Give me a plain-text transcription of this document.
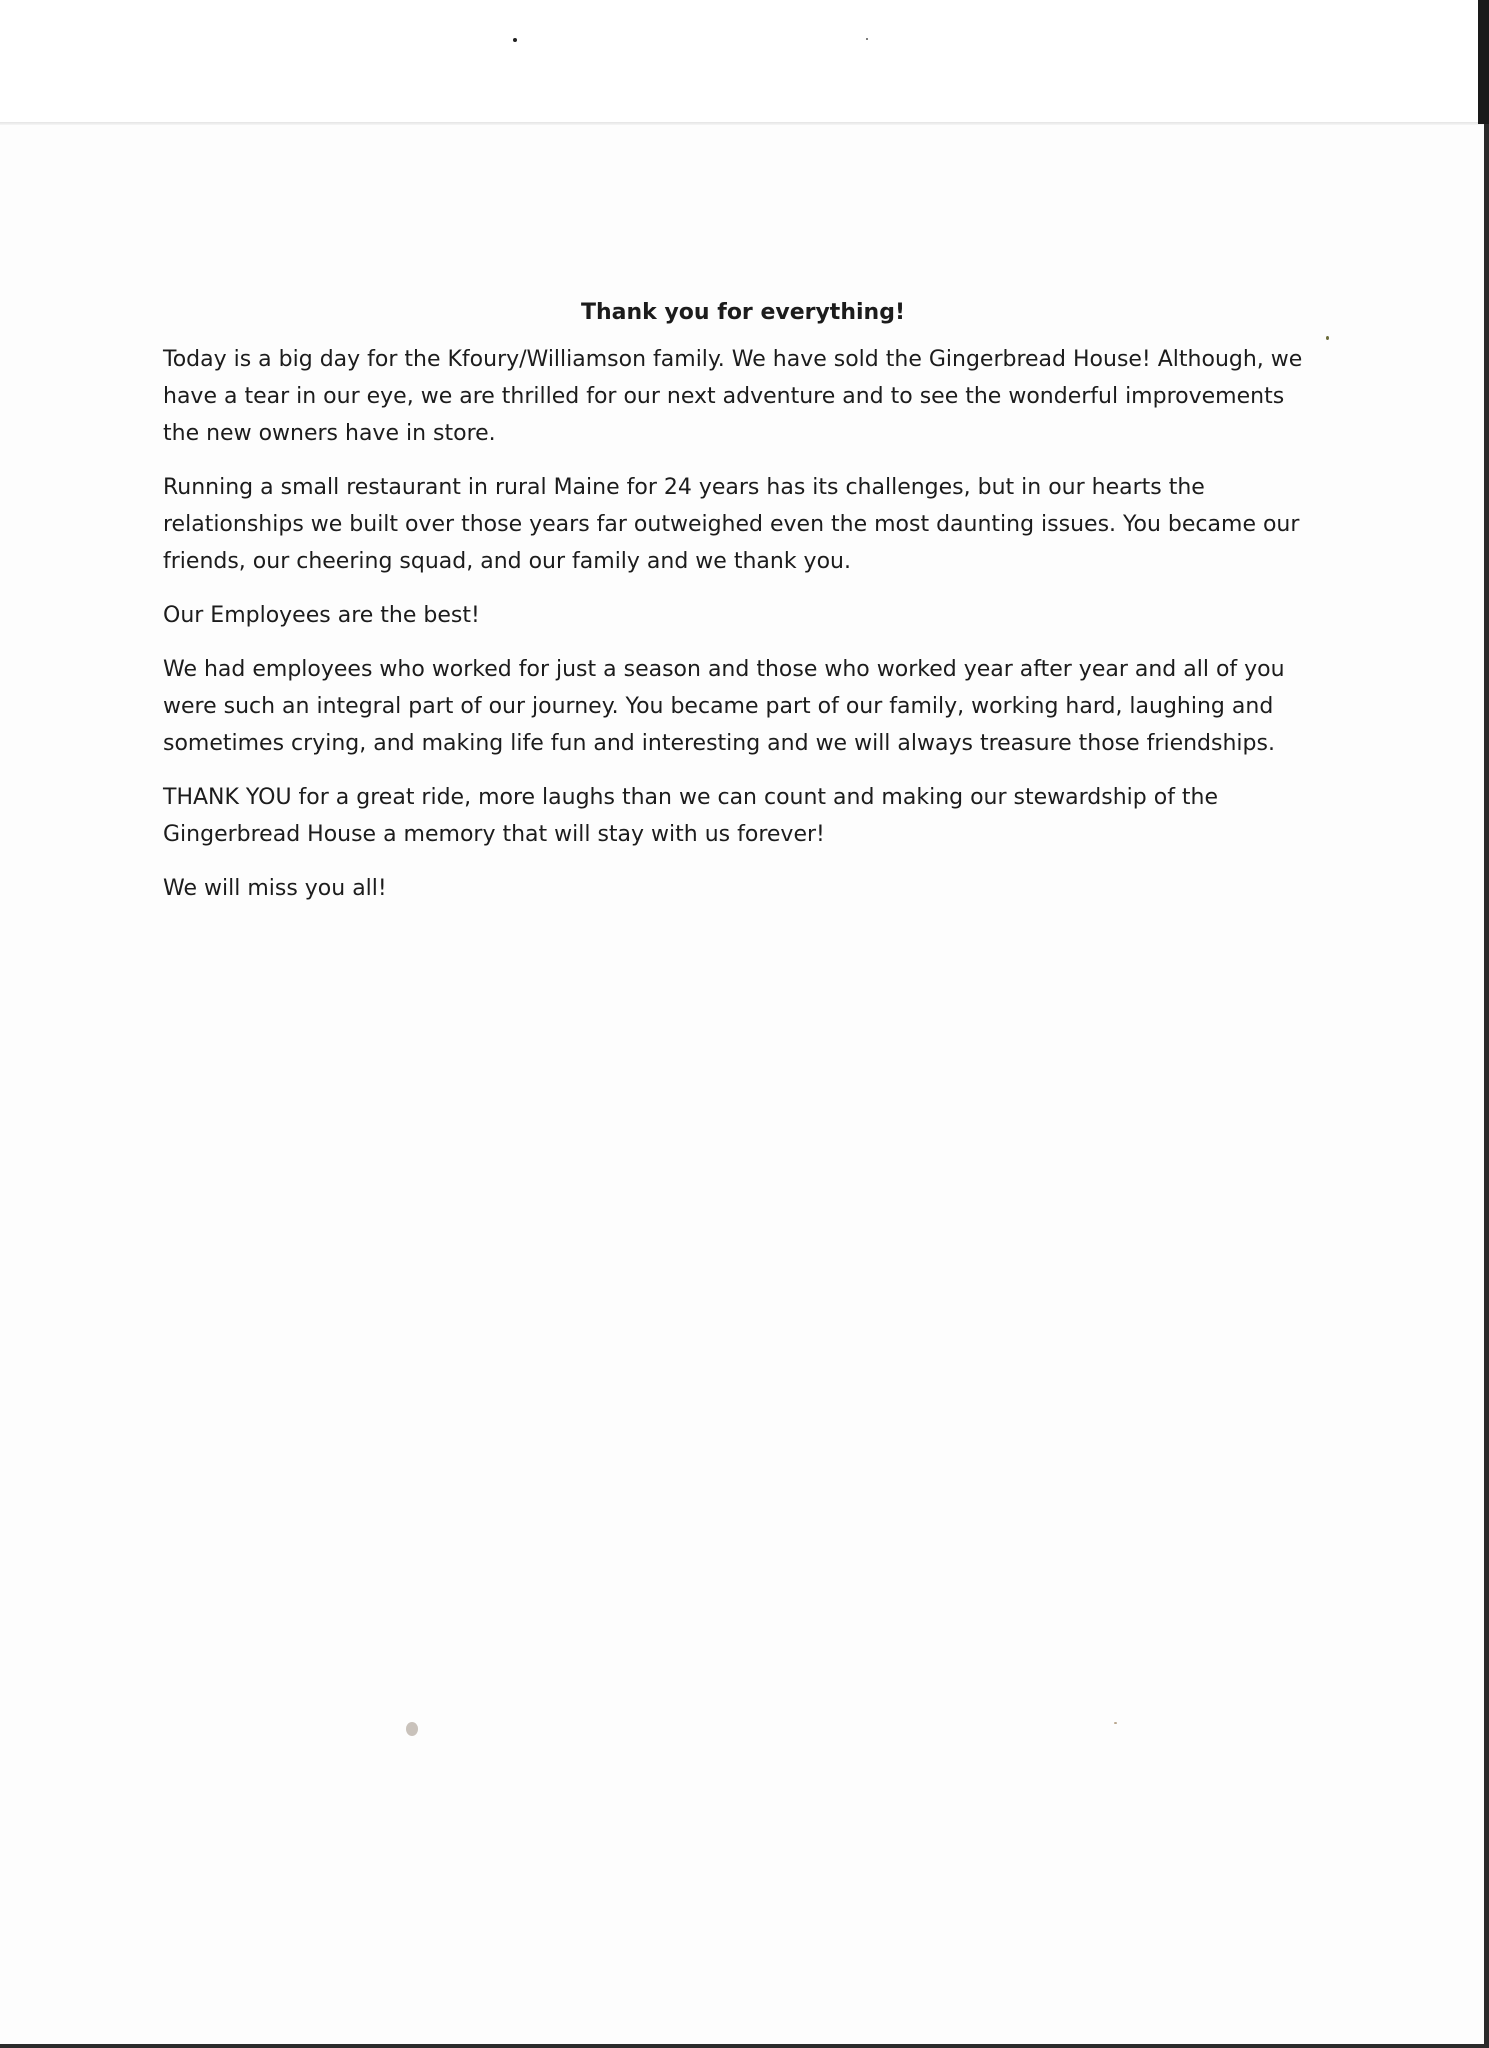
Thank you for everything!

Today is a big day for the Kfoury/Williamson family. We have sold the Gingerbread House! Although, we have a tear in our eye, we are thrilled for our next adventure and to see the wonderful improvements the new owners have in store.

Running a small restaurant in rural Maine for 24 years has its challenges, but in our hearts the relationships we built over those years far outweighed even the most daunting issues. You became our friends, our cheering squad, and our family and we thank you.

Our Employees are the best!

We had employees who worked for just a season and those who worked year after year and all of you were such an integral part of our journey. You became part of our family, working hard, laughing and sometimes crying, and making life fun and interesting and we will always treasure those friendships.

THANK YOU for a great ride, more laughs than we can count and making our stewardship of the Gingerbread House a memory that will stay with us forever!

We will miss you all!
